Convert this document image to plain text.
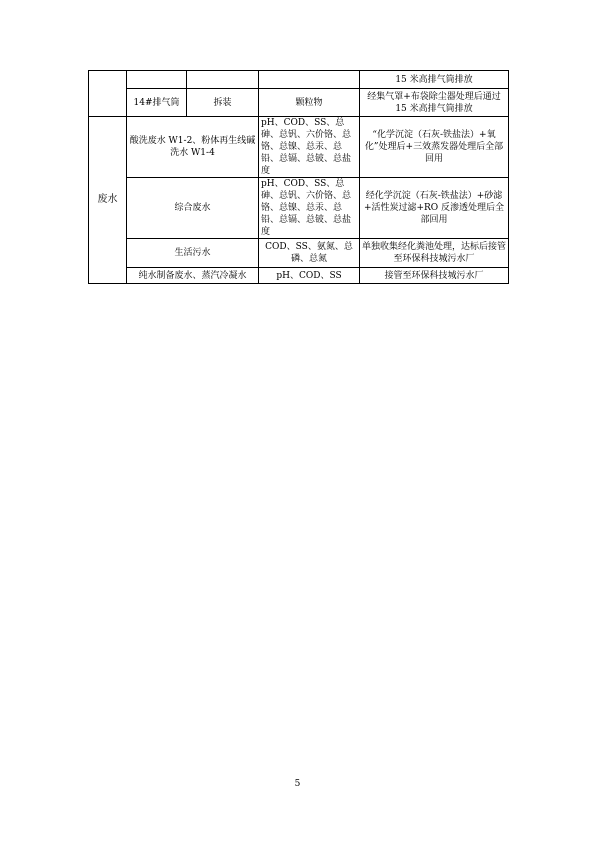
				15 米高排气筒排放
	14#排气筒	拆装	颗粒物	经集气罩+布袋除尘器处理后通过 15 米高排气筒排放
废水	酸洗废水 W1-2、粉体再生线碱洗水 W1-4		pH、COD、SS、总砷、总钒、六价铬、总铬、总镍、总汞、总铅、总镉、总铍、总盐度	“化学沉淀（石灰-铁盐法）+氧化”处理后+三效蒸发器处理后全部回用
	综合废水		pH、COD、SS、总砷、总钒、六价铬、总铬、总镍、总汞、总铅、总镉、总铍、总盐度	经化学沉淀（石灰-铁盐法）+砂滤+活性炭过滤+RO 反渗透处理后全部回用
	生活污水		COD、SS、氨氮、总磷、总氮	单独收集经化粪池处理，达标后接管至环保科技城污水厂
	纯水制备废水、蒸汽冷凝水		pH、COD、SS	接管至环保科技城污水厂
5
